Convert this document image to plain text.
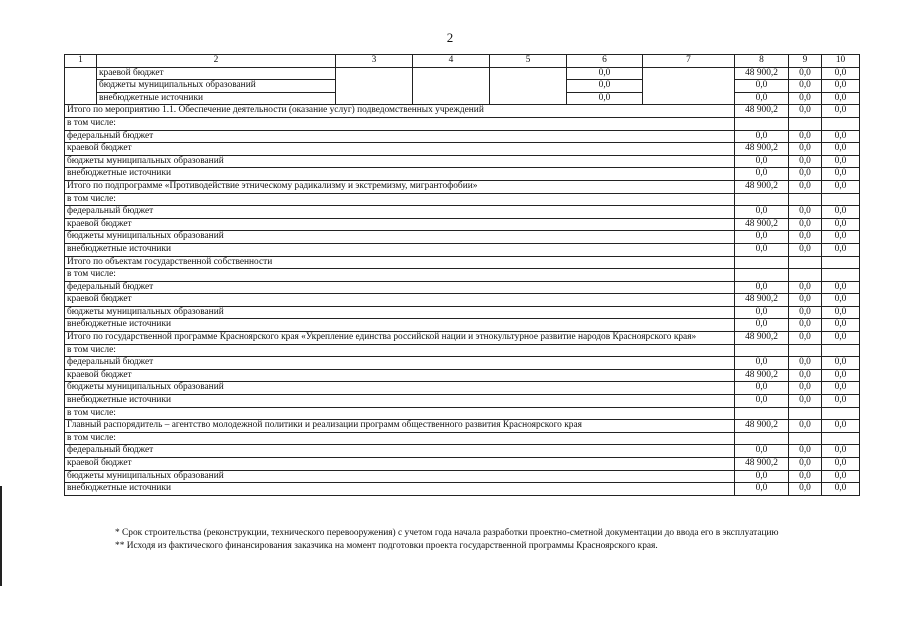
2
1	2	3	4	5	6	7	8	9	10
	краевой бюджет				0,0		48 900,2	0,0	0,0
	бюджеты муниципальных образований				0,0		0,0	0,0	0,0
	внебюджетные источники				0,0		0,0	0,0	0,0
Итого по мероприятию 1.1. Обеспечение деятельности (оказание услуг) подведомственных учреждений							48 900,2	0,0	0,0
в том числе:									
федеральный бюджет							0,0	0,0	0,0
краевой бюджет							48 900,2	0,0	0,0
бюджеты муниципальных образований							0,0	0,0	0,0
внебюджетные источники							0,0	0,0	0,0
Итого по подпрограмме «Противодействие этническому радикализму и экстремизму, мигрантофобии»							48 900,2	0,0	0,0
в том числе:									
федеральный бюджет							0,0	0,0	0,0
краевой бюджет							48 900,2	0,0	0,0
бюджеты муниципальных образований							0,0	0,0	0,0
внебюджетные источники							0,0	0,0	0,0
Итого по объектам государственной собственности									
в том числе:									
федеральный бюджет							0,0	0,0	0,0
краевой бюджет							48 900,2	0,0	0,0
бюджеты муниципальных образований							0,0	0,0	0,0
внебюджетные источники							0,0	0,0	0,0
Итого по государственной программе Красноярского края «Укрепление единства российской нации и этнокультурное развитие народов Красноярского края»							48 900,2	0,0	0,0
в том числе:									
федеральный бюджет							0,0	0,0	0,0
краевой бюджет							48 900,2	0,0	0,0
бюджеты муниципальных образований							0,0	0,0	0,0
внебюджетные источники							0,0	0,0	0,0
в том числе:									
Главный распорядитель – агентство молодежной политики и реализации программ общественного развития Красноярского края							48 900,2	0,0	0,0
в том числе:									
федеральный бюджет							0,0	0,0	0,0
краевой бюджет							48 900,2	0,0	0,0
бюджеты муниципальных образований							0,0	0,0	0,0
внебюджетные источники							0,0	0,0	0,0
* Срок строительства (реконструкции, технического перевооружения) с учетом года начала разработки проектно-сметной документации до ввода его в эксплуатацию
** Исходя из фактического финансирования заказчика на момент подготовки проекта государственной программы Красноярского края.
